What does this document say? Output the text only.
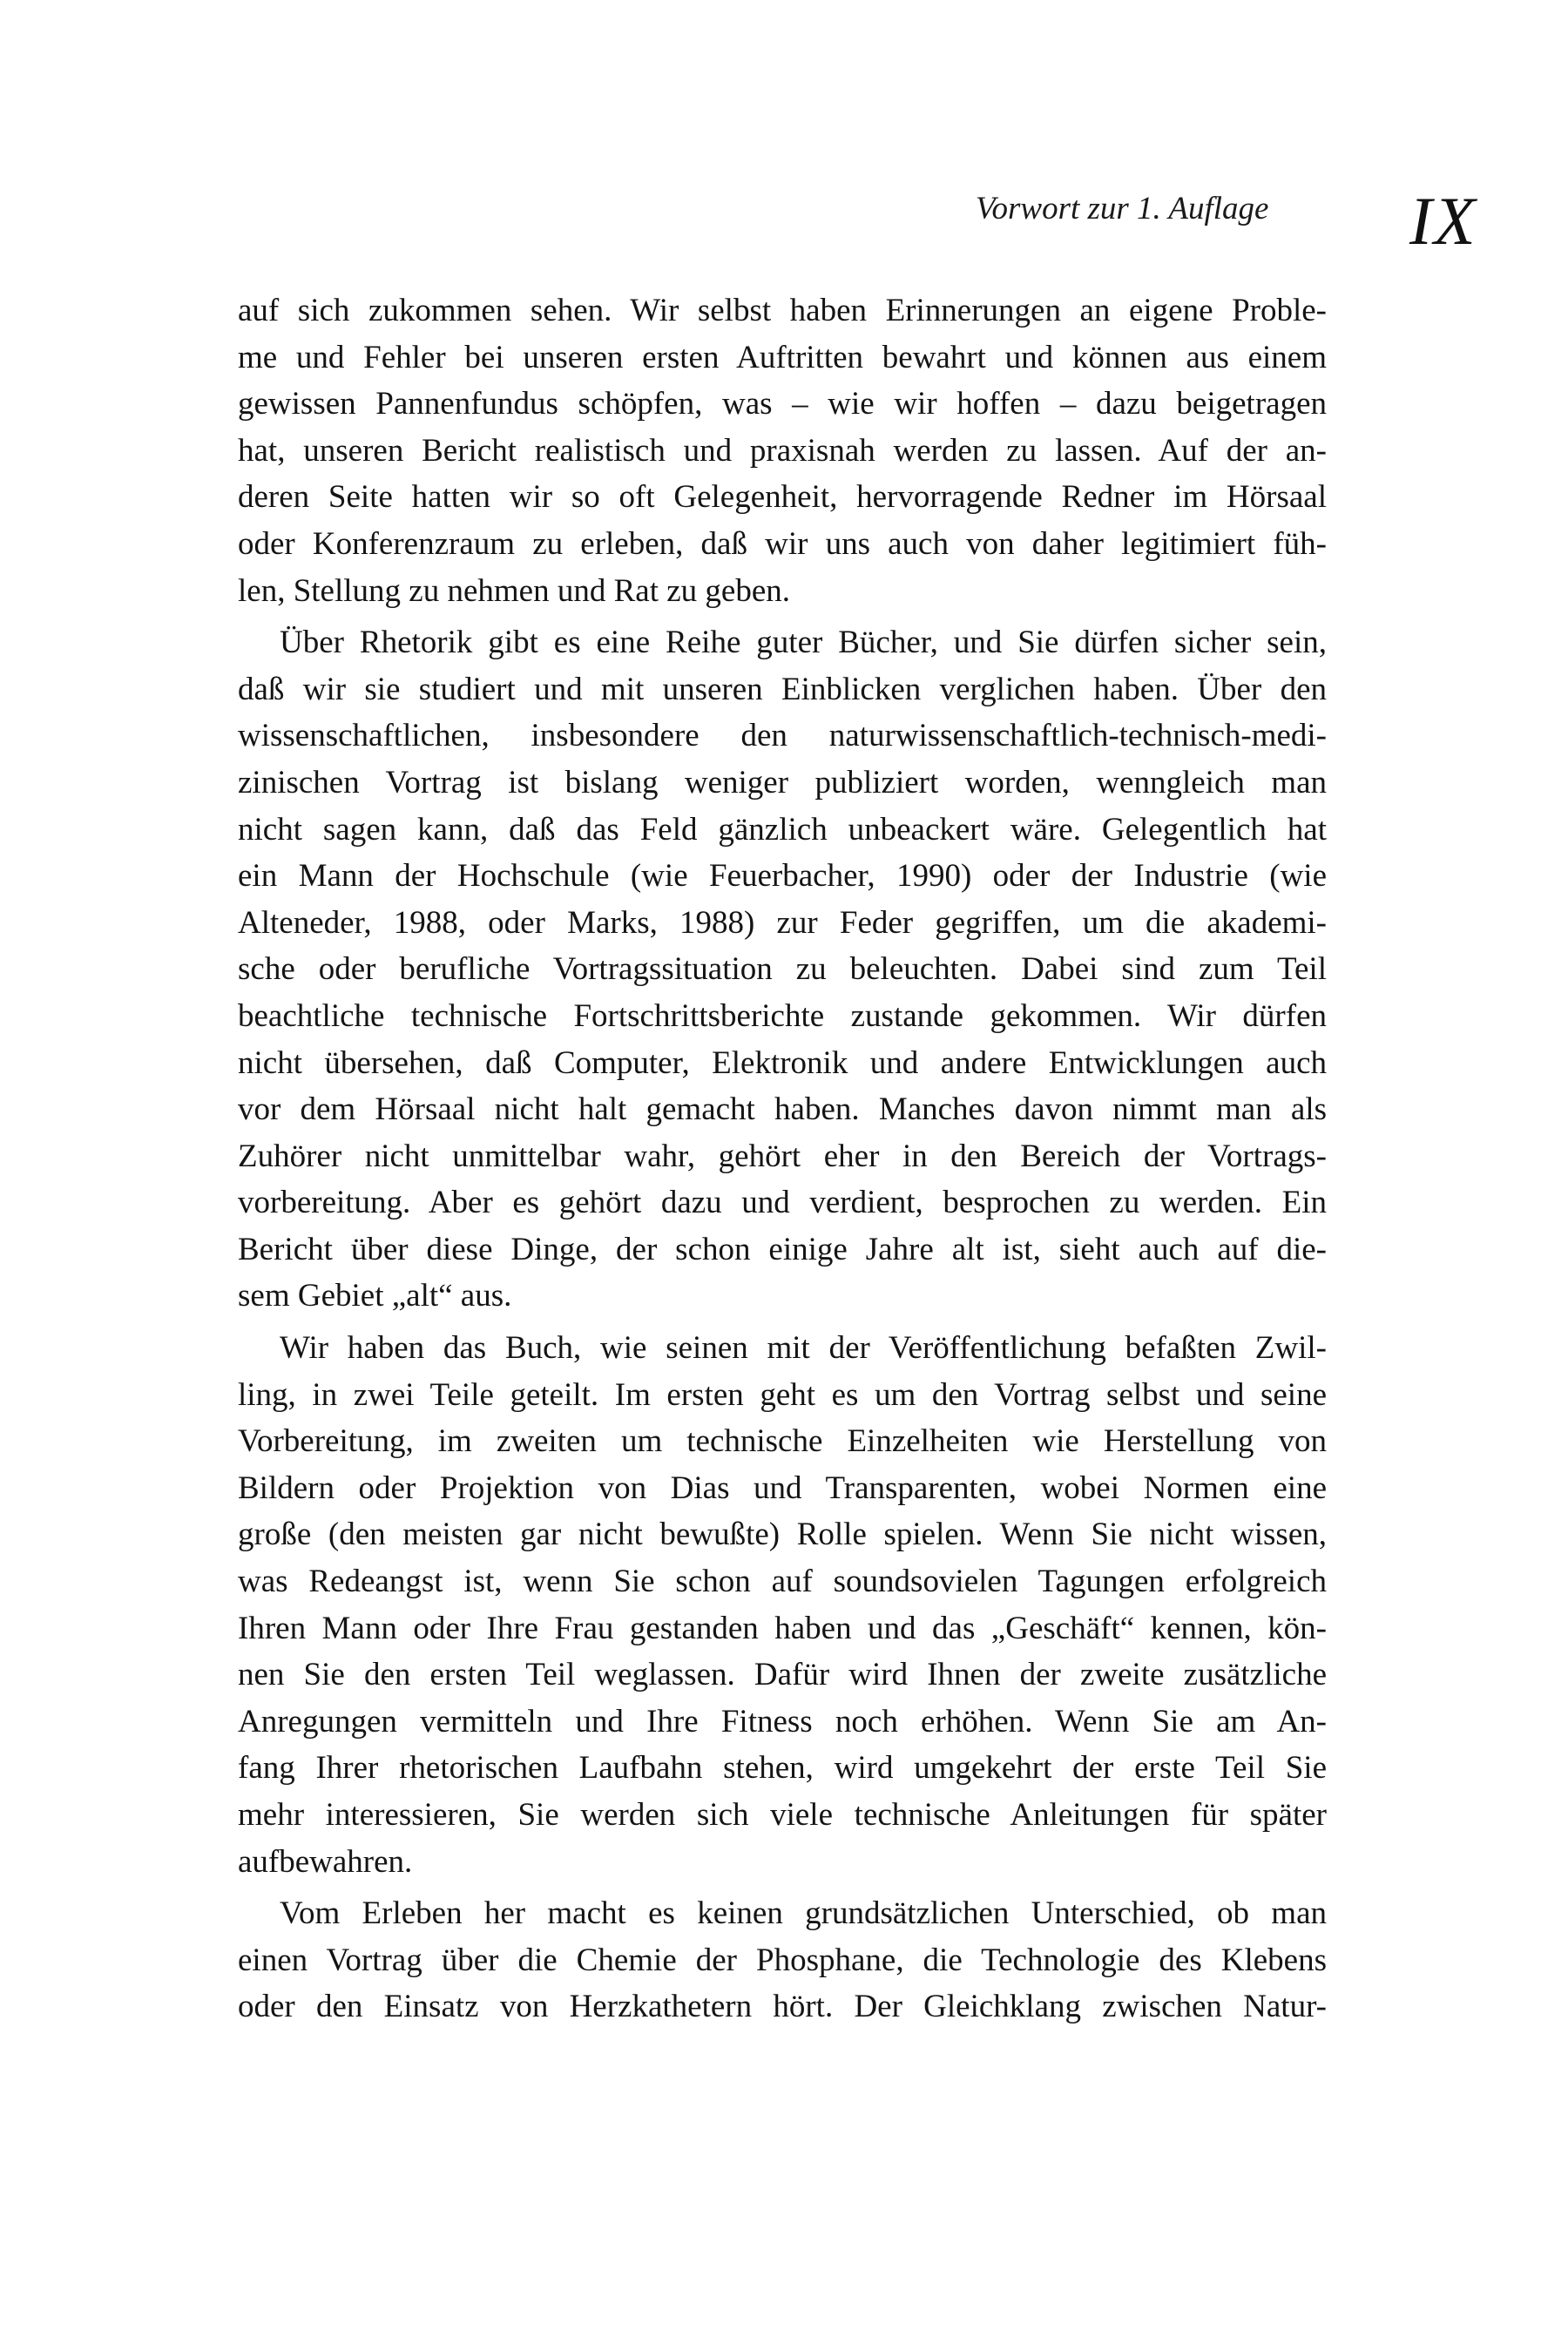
Vorwort zur 1. Auflage	IX

auf sich zukommen sehen. Wir selbst haben Erinnerungen an eigene Proble-
me und Fehler bei unseren ersten Auftritten bewahrt und können aus einem
gewissen Pannenfundus schöpfen, was – wie wir hoffen – dazu beigetragen
hat, unseren Bericht realistisch und praxisnah werden zu lassen. Auf der an-
deren Seite hatten wir so oft Gelegenheit, hervorragende Redner im Hörsaal
oder Konferenzraum zu erleben, daß wir uns auch von daher legitimiert füh-
len, Stellung zu nehmen und Rat zu geben.

Über Rhetorik gibt es eine Reihe guter Bücher, und Sie dürfen sicher sein,
daß wir sie studiert und mit unseren Einblicken verglichen haben. Über den
wissenschaftlichen, insbesondere den naturwissenschaftlich-technisch-medi-
zinischen Vortrag ist bislang weniger publiziert worden, wenngleich man
nicht sagen kann, daß das Feld gänzlich unbeackert wäre. Gelegentlich hat
ein Mann der Hochschule (wie Feuerbacher, 1990) oder der Industrie (wie
Alteneder, 1988, oder Marks, 1988) zur Feder gegriffen, um die akademi-
sche oder berufliche Vortragssituation zu beleuchten. Dabei sind zum Teil
beachtliche technische Fortschrittsberichte zustande gekommen. Wir dürfen
nicht übersehen, daß Computer, Elektronik und andere Entwicklungen auch
vor dem Hörsaal nicht halt gemacht haben. Manches davon nimmt man als
Zuhörer nicht unmittelbar wahr, gehört eher in den Bereich der Vortrags-
vorbereitung. Aber es gehört dazu und verdient, besprochen zu werden. Ein
Bericht über diese Dinge, der schon einige Jahre alt ist, sieht auch auf die-
sem Gebiet „alt“ aus.

Wir haben das Buch, wie seinen mit der Veröffentlichung befaßten Zwil-
ling, in zwei Teile geteilt. Im ersten geht es um den Vortrag selbst und seine
Vorbereitung, im zweiten um technische Einzelheiten wie Herstellung von
Bildern oder Projektion von Dias und Transparenten, wobei Normen eine
große (den meisten gar nicht bewußte) Rolle spielen. Wenn Sie nicht wissen,
was Redeangst ist, wenn Sie schon auf soundsovielen Tagungen erfolgreich
Ihren Mann oder Ihre Frau gestanden haben und das „Geschäft“ kennen, kön-
nen Sie den ersten Teil weglassen. Dafür wird Ihnen der zweite zusätzliche
Anregungen vermitteln und Ihre Fitness noch erhöhen. Wenn Sie am An-
fang Ihrer rhetorischen Laufbahn stehen, wird umgekehrt der erste Teil Sie
mehr interessieren, Sie werden sich viele technische Anleitungen für später
aufbewahren.

Vom Erleben her macht es keinen grundsätzlichen Unterschied, ob man
einen Vortrag über die Chemie der Phosphane, die Technologie des Klebens
oder den Einsatz von Herzkathetern hört. Der Gleichklang zwischen Natur-
